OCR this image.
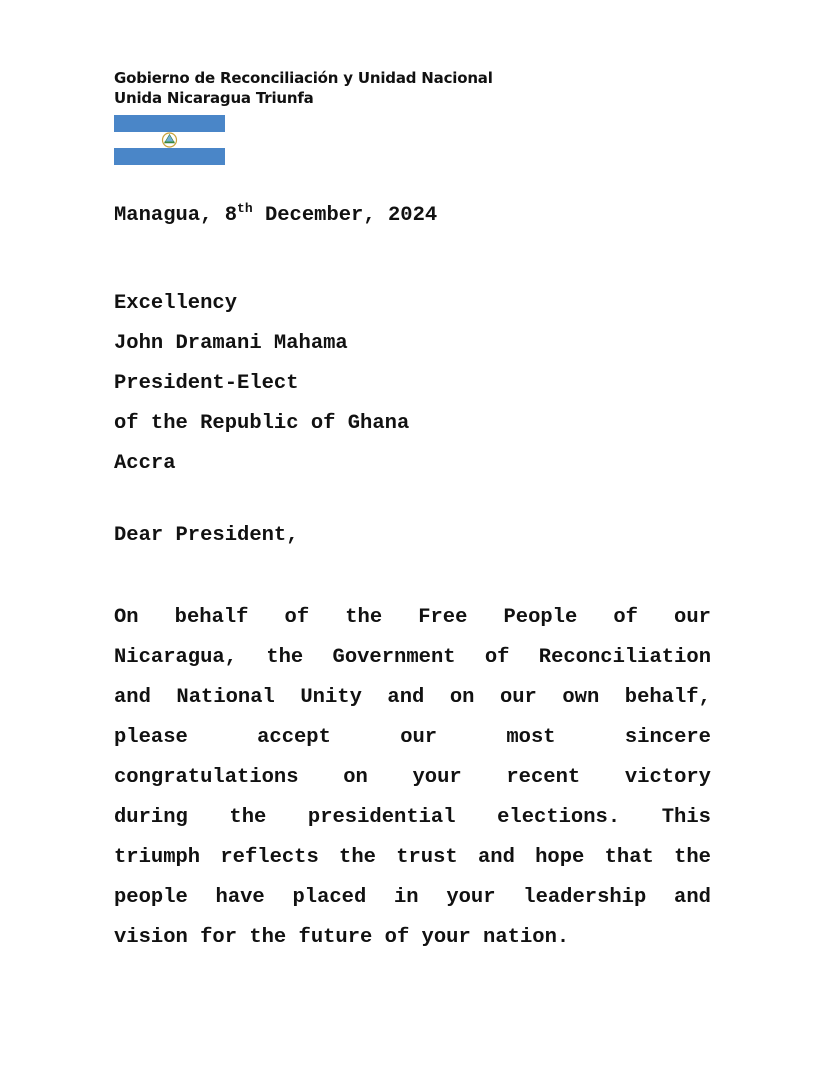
Gobierno de Reconciliación y Unidad Nacional
Unida Nicaragua Triunfa
Managua, 8th December, 2024
Excellency
John Dramani Mahama
President-Elect
of the Republic of Ghana
Accra
Dear President,
On behalf of the Free People of our
Nicaragua, the Government of Reconciliation
and National Unity and on our own behalf,
please	accept	our	most	sincere
congratulations on your recent victory
during the presidential elections. This
triumph reflects the trust and hope that the
people have placed in your leadership and
vision for the future of your nation.
